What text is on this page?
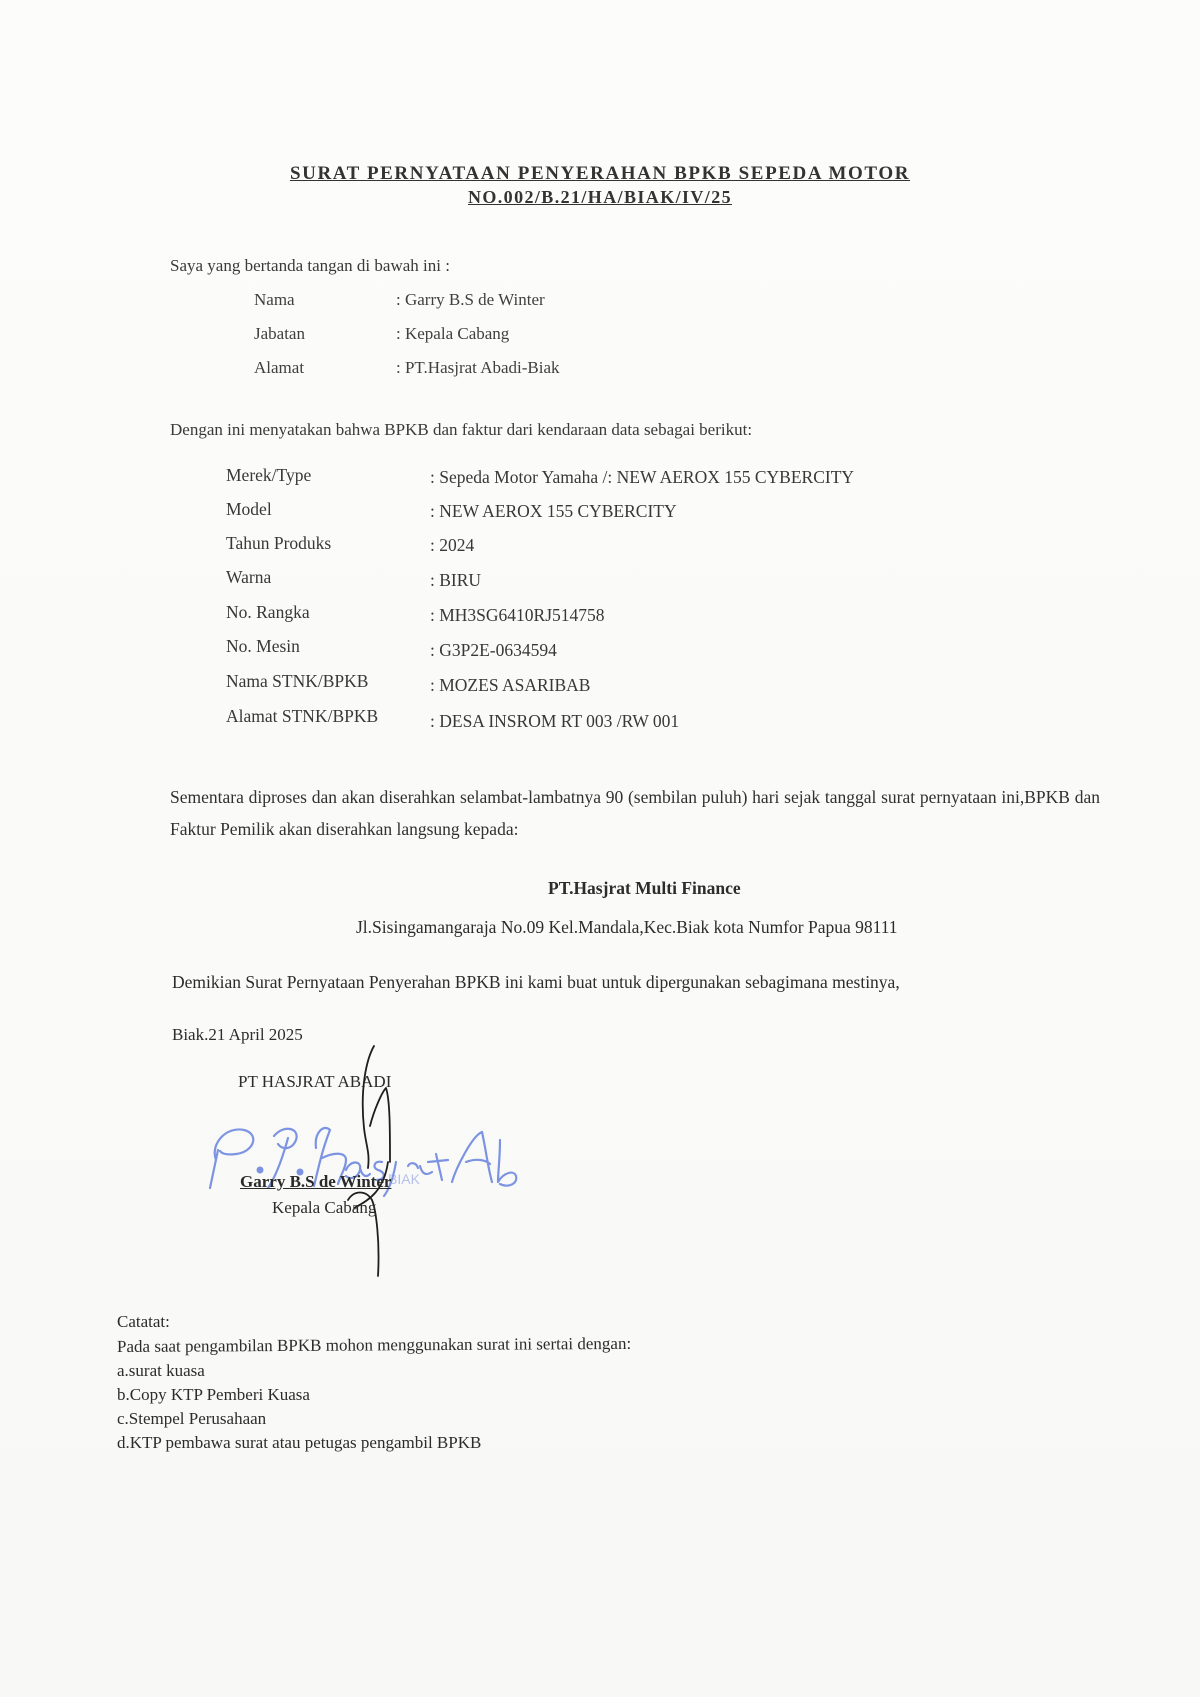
SURAT PERNYATAAN PENYERAHAN BPKB SEPEDA MOTOR
NO.002/B.21/HA/BIAK/IV/25
Saya yang bertanda tangan di bawah ini :
Nama	: Garry B.S de Winter
Jabatan	: Kepala Cabang
Alamat	: PT.Hasjrat Abadi-Biak
Dengan ini menyatakan bahwa BPKB dan faktur dari kendaraan data sebagai berikut:
Merek/Type	: Sepeda Motor Yamaha /: NEW AEROX 155 CYBERCITY
Model	: NEW AEROX 155 CYBERCITY
Tahun Produks	: 2024
Warna	: BIRU
No. Rangka	: MH3SG6410RJ514758
No. Mesin	: G3P2E-0634594
Nama STNK/BPKB	: MOZES ASARIBAB
Alamat STNK/BPKB	: DESA INSROM RT 003 /RW 001
Sementara diproses dan akan diserahkan selambat-lambatnya 90 (sembilan puluh) hari sejak tanggal surat pernyataan ini,BPKB dan Faktur Pemilik akan diserahkan langsung kepada:
PT.Hasjrat Multi Finance
Jl.Sisingamangaraja No.09 Kel.Mandala,Kec.Biak kota Numfor Papua 98111
Demikian Surat Pernyataan Penyerahan BPKB ini kami buat untuk dipergunakan sebagimana mestinya,
Biak.21 April 2025
PT HASJRAT ABADI
BIAK
Garry B.S de Winter
Kepala Cabang
Catatat:
Pada saat pengambilan BPKB mohon menggunakan surat ini sertai dengan:
a.surat kuasa
b.Copy KTP Pemberi Kuasa
c.Stempel Perusahaan
d.KTP pembawa surat atau petugas pengambil BPKB
